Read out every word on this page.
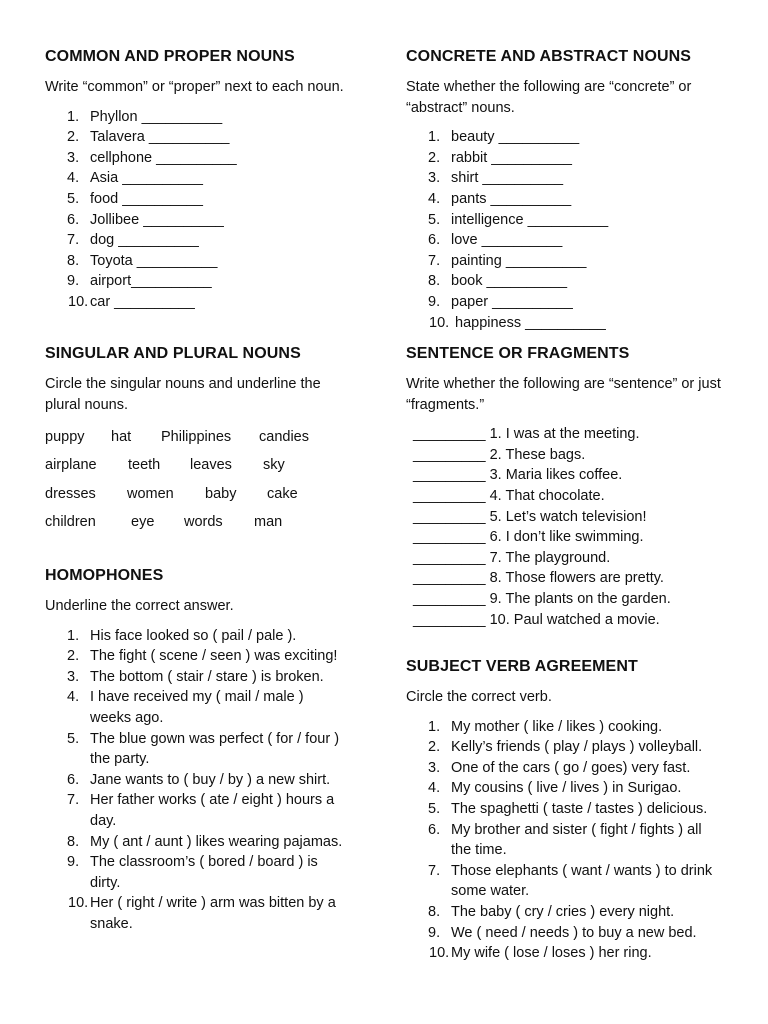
COMMON AND PROPER NOUNS
Write “common” or “proper” next to each noun.
1. Phyllon __________
2. Talavera __________
3. cellphone __________
4. Asia __________
5. food __________
6. Jollibee __________
7. dog __________
8. Toyota __________
9. airport__________
10. car __________
CONCRETE AND ABSTRACT NOUNS
State whether the following are “concrete” or “abstract” nouns.
1. beauty __________
2. rabbit __________
3. shirt __________
4. pants __________
5. intelligence __________
6. love __________
7. painting __________
8. book __________
9. paper __________
10. happiness __________
SINGULAR AND PLURAL NOUNS
Circle the singular nouns and underline the plural nouns.
puppy hat Philippines candies
airplane teeth leaves sky
dresses women baby cake
children eye words man
SENTENCE OR FRAGMENTS
Write whether the following are “sentence” or just “fragments.”
_________ 1. I was at the meeting.
_________ 2. These bags.
_________ 3. Maria likes coffee.
_________ 4. That chocolate.
_________ 5. Let’s watch television!
_________ 6. I don’t like swimming.
_________ 7. The playground.
_________ 8. Those flowers are pretty.
_________ 9. The plants on the garden.
_________ 10. Paul watched a movie.
HOMOPHONES
Underline the correct answer.
1. His face looked so ( pail / pale ).
2. The fight ( scene / seen ) was exciting!
3. The bottom ( stair / stare ) is broken.
4. I have received my ( mail / male ) weeks ago.
5. The blue gown was perfect ( for / four ) the party.
6. Jane wants to ( buy / by ) a new shirt.
7. Her father works ( ate / eight ) hours a day.
8. My ( ant / aunt ) likes wearing pajamas.
9. The classroom’s ( bored / board ) is dirty.
10. Her ( right / write ) arm was bitten by a snake.
SUBJECT VERB AGREEMENT
Circle the correct verb.
1. My mother ( like / likes ) cooking.
2. Kelly’s friends ( play / plays ) volleyball.
3. One of the cars ( go / goes) very fast.
4. My cousins ( live / lives ) in Surigao.
5. The spaghetti ( taste / tastes ) delicious.
6. My brother and sister ( fight / fights ) all the time.
7. Those elephants ( want / wants ) to drink some water.
8. The baby ( cry / cries ) every night.
9. We ( need / needs ) to buy a new bed.
10. My wife ( lose / loses ) her ring.
